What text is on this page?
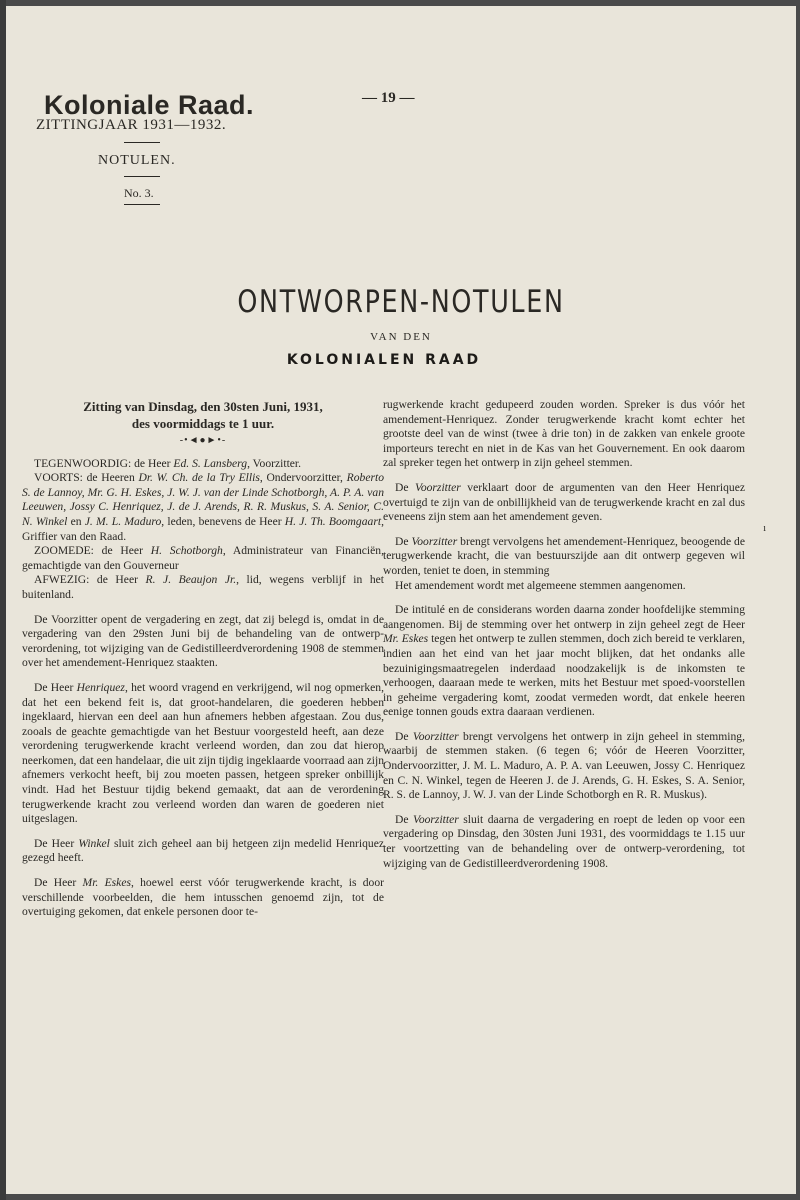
Koloniale Raad.
ZITTINGJAAR 1931—1932.
— 19 —
NOTULEN.
No. 3.
ONTWORPEN-NOTULEN
VAN DEN
KOLONIALEN RAAD

Zitting van Dinsdag, den 30sten Juni, 1931,
des voormiddags te 1 uur.

-•◄●►•-

TEGENWOORDIG: de Heer Ed. S. Lansberg, Voorzitter.

VOORTS: de Heeren Dr. W. Ch. de la Try Ellis, Ondervoorzitter, Roberto S. de Lannoy, Mr. G. H. Eskes, J. W. J. van der Linde Schotborgh, A. P. A. van Leeuwen, Jossy C. Henriquez, J. de J. Arends, R. R. Muskus, S. A. Senior, C. N. Winkel en J. M. L. Maduro, leden, benevens de Heer H. J. Th. Boomgaart, Griffier van den Raad.

ZOOMEDE: de Heer H. Schotborgh, Administrateur van Financiën, gemachtigde van den Gouverneur

AFWEZIG: de Heer R. J. Beaujon Jr., lid, wegens verblijf in het buitenland.

De Voorzitter opent de vergadering en zegt, dat zij belegd is, omdat in de vergadering van den 29sten Juni bij de behandeling van de ontwerp-verordening, tot wijziging van de Gedistilleerdverordening 1908 de stemmen over het amendement-Henriquez staakten.

De Heer Henriquez, het woord vragend en verkrijgend, wil nog opmerken, dat het een bekend feit is, dat groot-handelaren, die goederen hebben ingeklaard, hiervan een deel aan hun afnemers hebben afgestaan. Zou dus, zooals de geachte gemachtigde van het Bestuur voorgesteld heeft, aan deze verordening terugwerkende kracht verleend worden, dan zou dat hierop neerkomen, dat een handelaar, die uit zijn tijdig ingeklaarde voorraad aan zijn afnemers verkocht heeft, bij zou moeten passen, hetgeen spreker onbillijk vindt. Had het Bestuur tijdig bekend gemaakt, dat aan de verordening terugwerkende kracht zou verleend worden dan waren de goederen niet uitgeslagen.

De Heer Winkel sluit zich geheel aan bij hetgeen zijn medelid Henriquez gezegd heeft.

De Heer Mr. Eskes, hoewel eerst vóór terugwerkende kracht, is door verschillende voorbeelden, die hem intusschen genoemd zijn, tot de overtuiging gekomen, dat enkele personen door te-

rugwerkende kracht gedupeerd zouden worden. Spreker is dus vóór het amendement-Henriquez. Zonder terugwerkende kracht komt echter het grootste deel van de winst (twee à drie ton) in de zakken van enkele groote importeurs terecht en niet in de Kas van het Gouvernement. En ook daarom zal spreker tegen het ontwerp in zijn geheel stemmen.

De Voorzitter verklaart door de argumenten van den Heer Henriquez overtuigd te zijn van de onbillijkheid van de terugwerkende kracht en zal dus eveneens zijn stem aan het amendement geven.

De Voorzitter brengt vervolgens het amendement-Henriquez, beoogende de terugwerkende kracht, die van bestuurszijde aan dit ontwerp gegeven wil worden, teniet te doen, in stemming

Het amendement wordt met algemeene stemmen aangenomen.

De intitulé en de considerans worden daarna zonder hoofdelijke stemming aangenomen. Bij de stemming over het ontwerp in zijn geheel zegt de Heer Mr. Eskes tegen het ontwerp te zullen stemmen, doch zich bereid te verklaren, indien aan het eind van het jaar mocht blijken, dat het ondanks alle bezuinigingsmaatregelen inderdaad noodzakelijk is de inkomsten te verhoogen, daaraan mede te werken, mits het Bestuur met spoed-voorstellen in geheime vergadering komt, zoodat vermeden wordt, dat enkele heeren eenige tonnen gouds extra daaraan verdienen.

De Voorzitter brengt vervolgens het ontwerp in zijn geheel in stemming, waarbij de stemmen staken. (6 tegen 6; vóór de Heeren Voorzitter, Ondervoorzitter, J. M. L. Maduro, A. P. A. van Leeuwen, Jossy C. Henriquez en C. N. Winkel, tegen de Heeren J. de J. Arends, G. H. Eskes, S. A. Senior, R. S. de Lannoy, J. W. J. van der Linde Schotborgh en R. R. Muskus).

De Voorzitter sluit daarna de vergadering en roept de leden op voor een vergadering op Dinsdag, den 30sten Juni 1931, des voormiddags te 1.15 uur ter voortzetting van de behandeling over de ontwerp-verordening, tot wijziging van de Gedistilleerdverordening 1908.

ı
